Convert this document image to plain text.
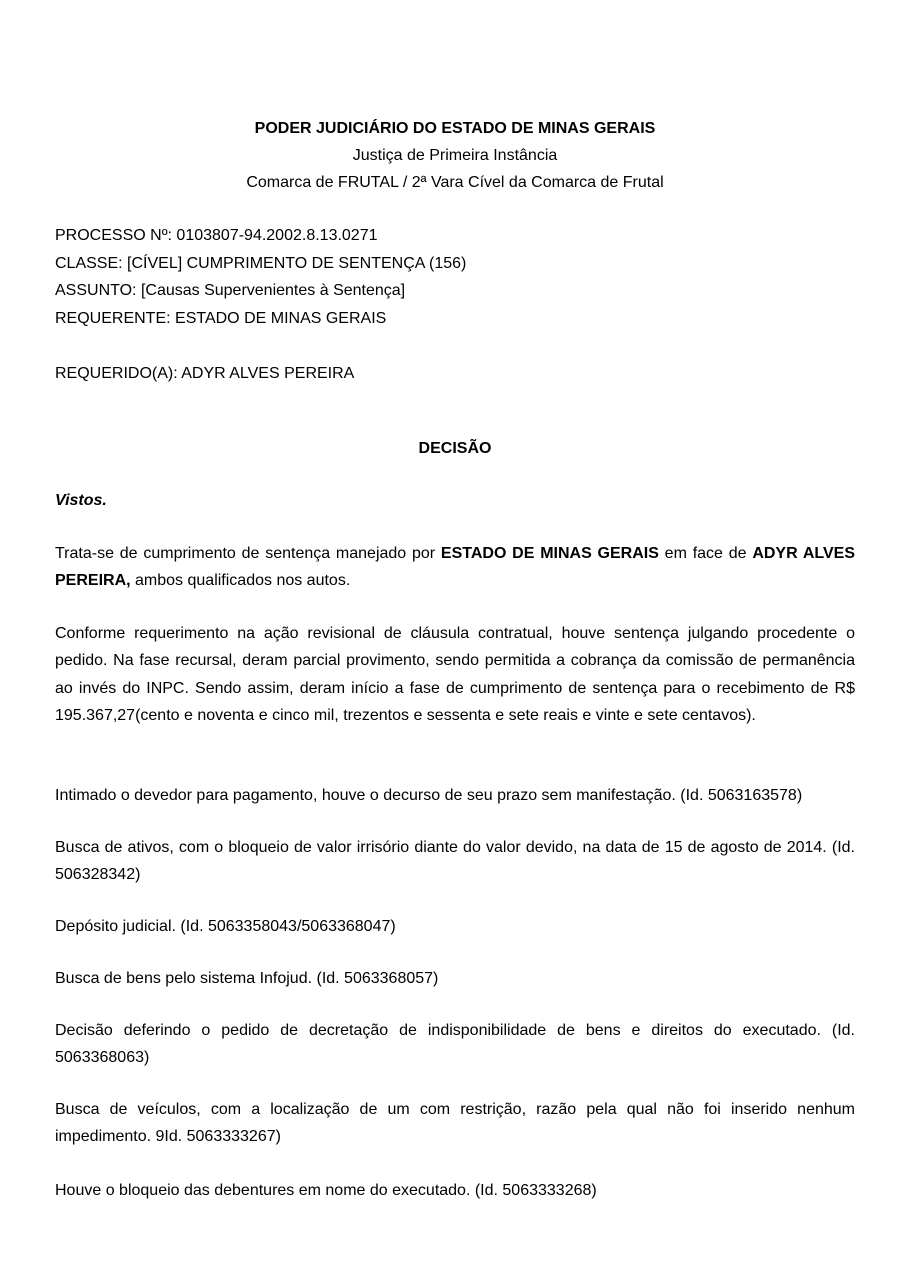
PODER JUDICIÁRIO DO ESTADO DE MINAS GERAIS
Justiça de Primeira Instância
Comarca de FRUTAL / 2ª Vara Cível da Comarca de Frutal
PROCESSO Nº: 0103807-94.2002.8.13.0271
CLASSE: [CÍVEL] CUMPRIMENTO DE SENTENÇA (156)
ASSUNTO: [Causas Supervenientes à Sentença]
REQUERENTE: ESTADO DE MINAS GERAIS
REQUERIDO(A): ADYR ALVES PEREIRA
DECISÃO
Vistos.

Trata-se de cumprimento de sentença manejado por ESTADO DE MINAS GERAIS em face de ADYR ALVES PEREIRA, ambos qualificados nos autos.

Conforme requerimento na ação revisional de cláusula contratual, houve sentença julgando procedente o pedido. Na fase recursal, deram parcial provimento, sendo permitida a cobrança da comissão de permanência ao invés do INPC. Sendo assim, deram início a fase de cumprimento de sentença para o recebimento de R$ 195.367,27(cento e noventa e cinco mil, trezentos e sessenta e sete reais e vinte e sete centavos).

Intimado o devedor para pagamento, houve o decurso de seu prazo sem manifestação. (Id. 5063163578)

Busca de ativos, com o bloqueio de valor irrisório diante do valor devido, na data de 15 de agosto de 2014. (Id. 506328342)

Depósito judicial. (Id. 5063358043/5063368047)

Busca de bens pelo sistema Infojud. (Id. 5063368057)

Decisão deferindo o pedido de decretação de indisponibilidade de bens e direitos do executado. (Id. 5063368063)

Busca de veículos, com a localização de um com restrição, razão pela qual não foi inserido nenhum impedimento. 9Id. 5063333267)

Houve o bloqueio das debentures em nome do executado. (Id. 5063333268)
